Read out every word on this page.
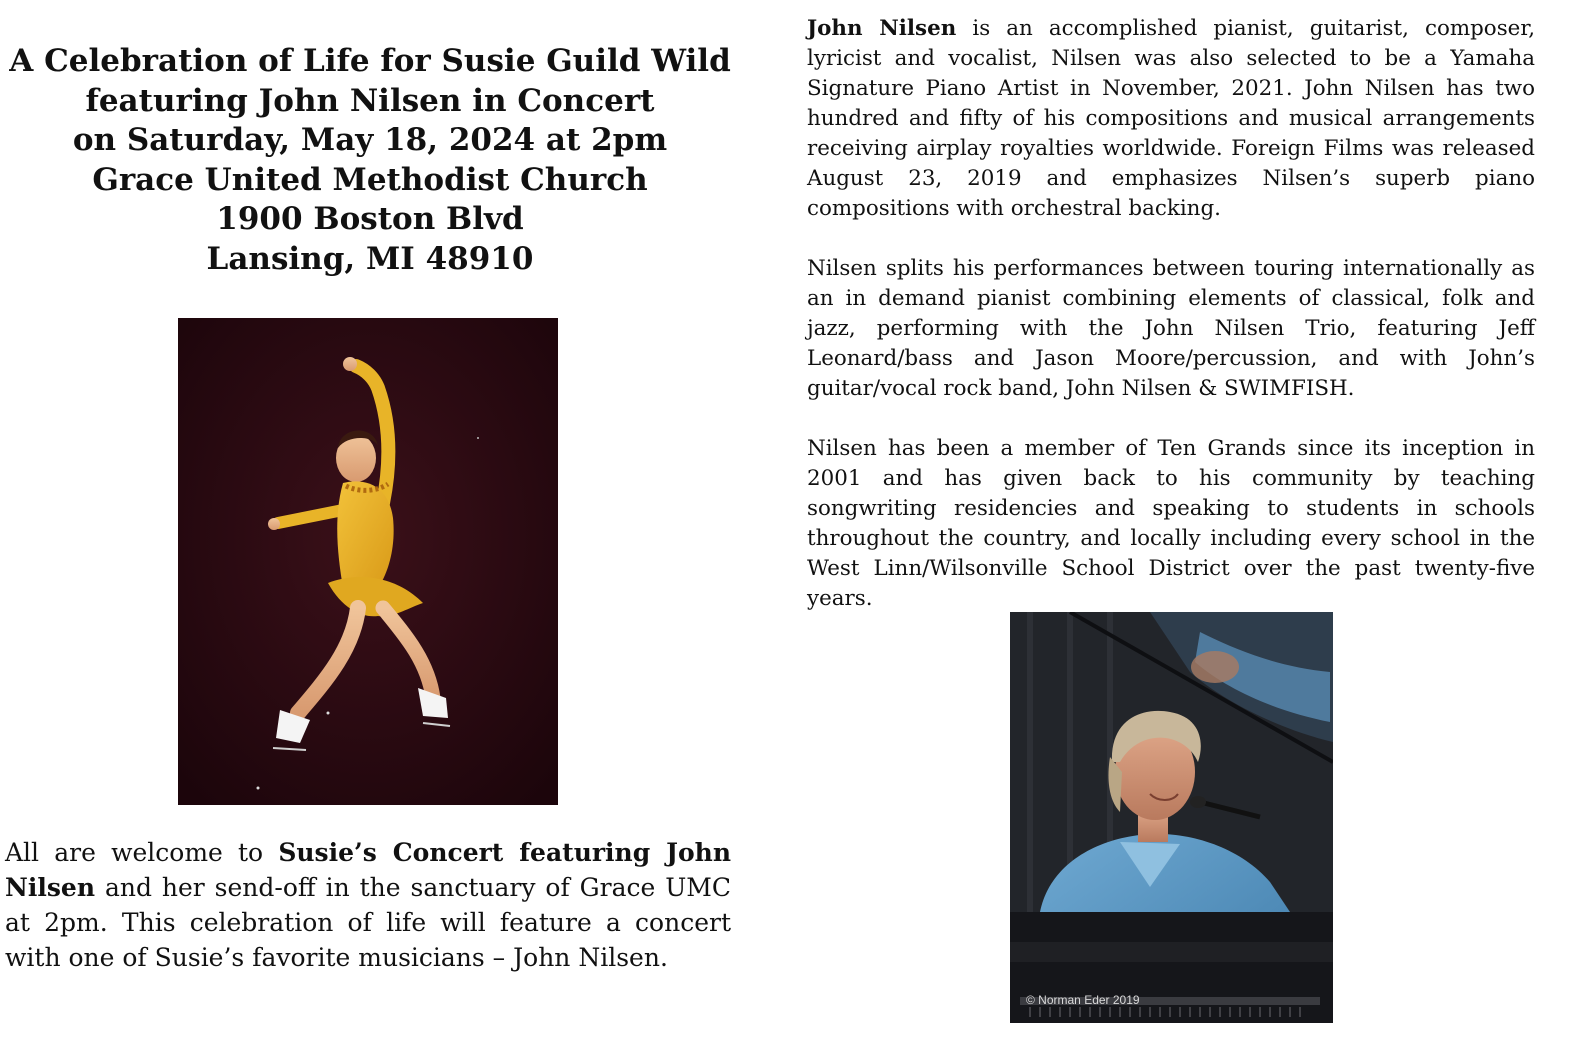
A Celebration of Life for Susie Guild Wild
featuring John Nilsen in Concert
on Saturday, May 18, 2024 at 2pm
Grace United Methodist Church
1900 Boston Blvd
Lansing, MI 48910
All are welcome to Susie’s Concert featuring John Nilsen and her send-off in the sanctuary of Grace UMC at 2pm. This celebration of life will feature a concert with one of Susie’s favorite musicians – John Nilsen.

John Nilsen is an accomplished pianist, guitarist, composer, lyricist and vocalist, Nilsen was also selected to be a Yamaha Signature Piano Artist in November, 2021. John Nilsen has two hundred and fifty of his compositions and musical arrangements receiving airplay royalties worldwide. Foreign Films was released August 23, 2019 and emphasizes Nilsen’s superb piano compositions with orchestral backing.

Nilsen splits his performances between touring internationally as an in demand pianist combining elements of classical, folk and jazz, performing with the John Nilsen Trio, featuring Jeff Leonard/bass and Jason Moore/percussion, and with John’s guitar/vocal rock band, John Nilsen & SWIMFISH.

Nilsen has been a member of Ten Grands since its inception in 2001 and has given back to his community by teaching songwriting residencies and speaking to students in schools throughout the country, and locally including every school in the West Linn/Wilsonville School District over the past twenty-five years.

© Norman Eder 2019
